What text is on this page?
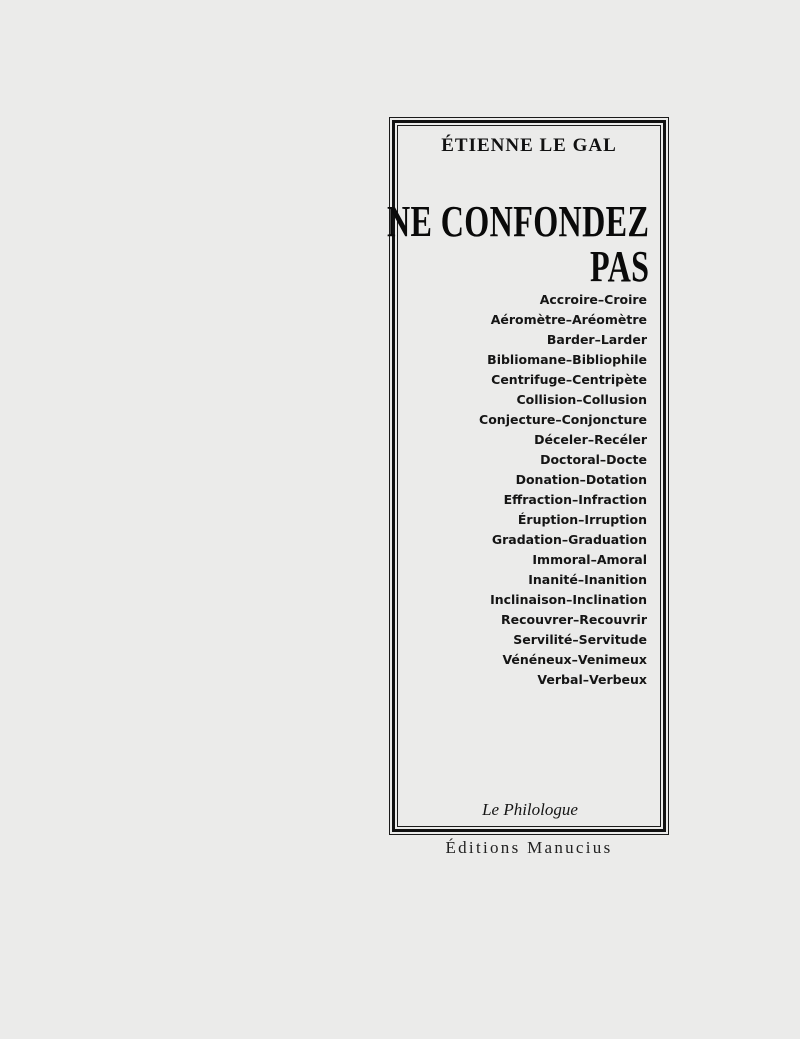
ÉTIENNE LE GAL
NE CONFONDEZ
PAS
Accroire–Croire
Aéromètre–Aréomètre
Barder–Larder
Bibliomane–Bibliophile
Centrifuge–Centripète
Collision–Collusion
Conjecture–Conjoncture
Déceler–Recéler
Doctoral–Docte
Donation–Dotation
Effraction–Infraction
Éruption–Irruption
Gradation–Graduation
Immoral–Amoral
Inanité–Inanition
Inclinaison–Inclination
Recouvrer–Recouvrir
Servilité–Servitude
Vénéneux–Venimeux
Verbal–Verbeux
Le Philologue
Éditions Manucius
